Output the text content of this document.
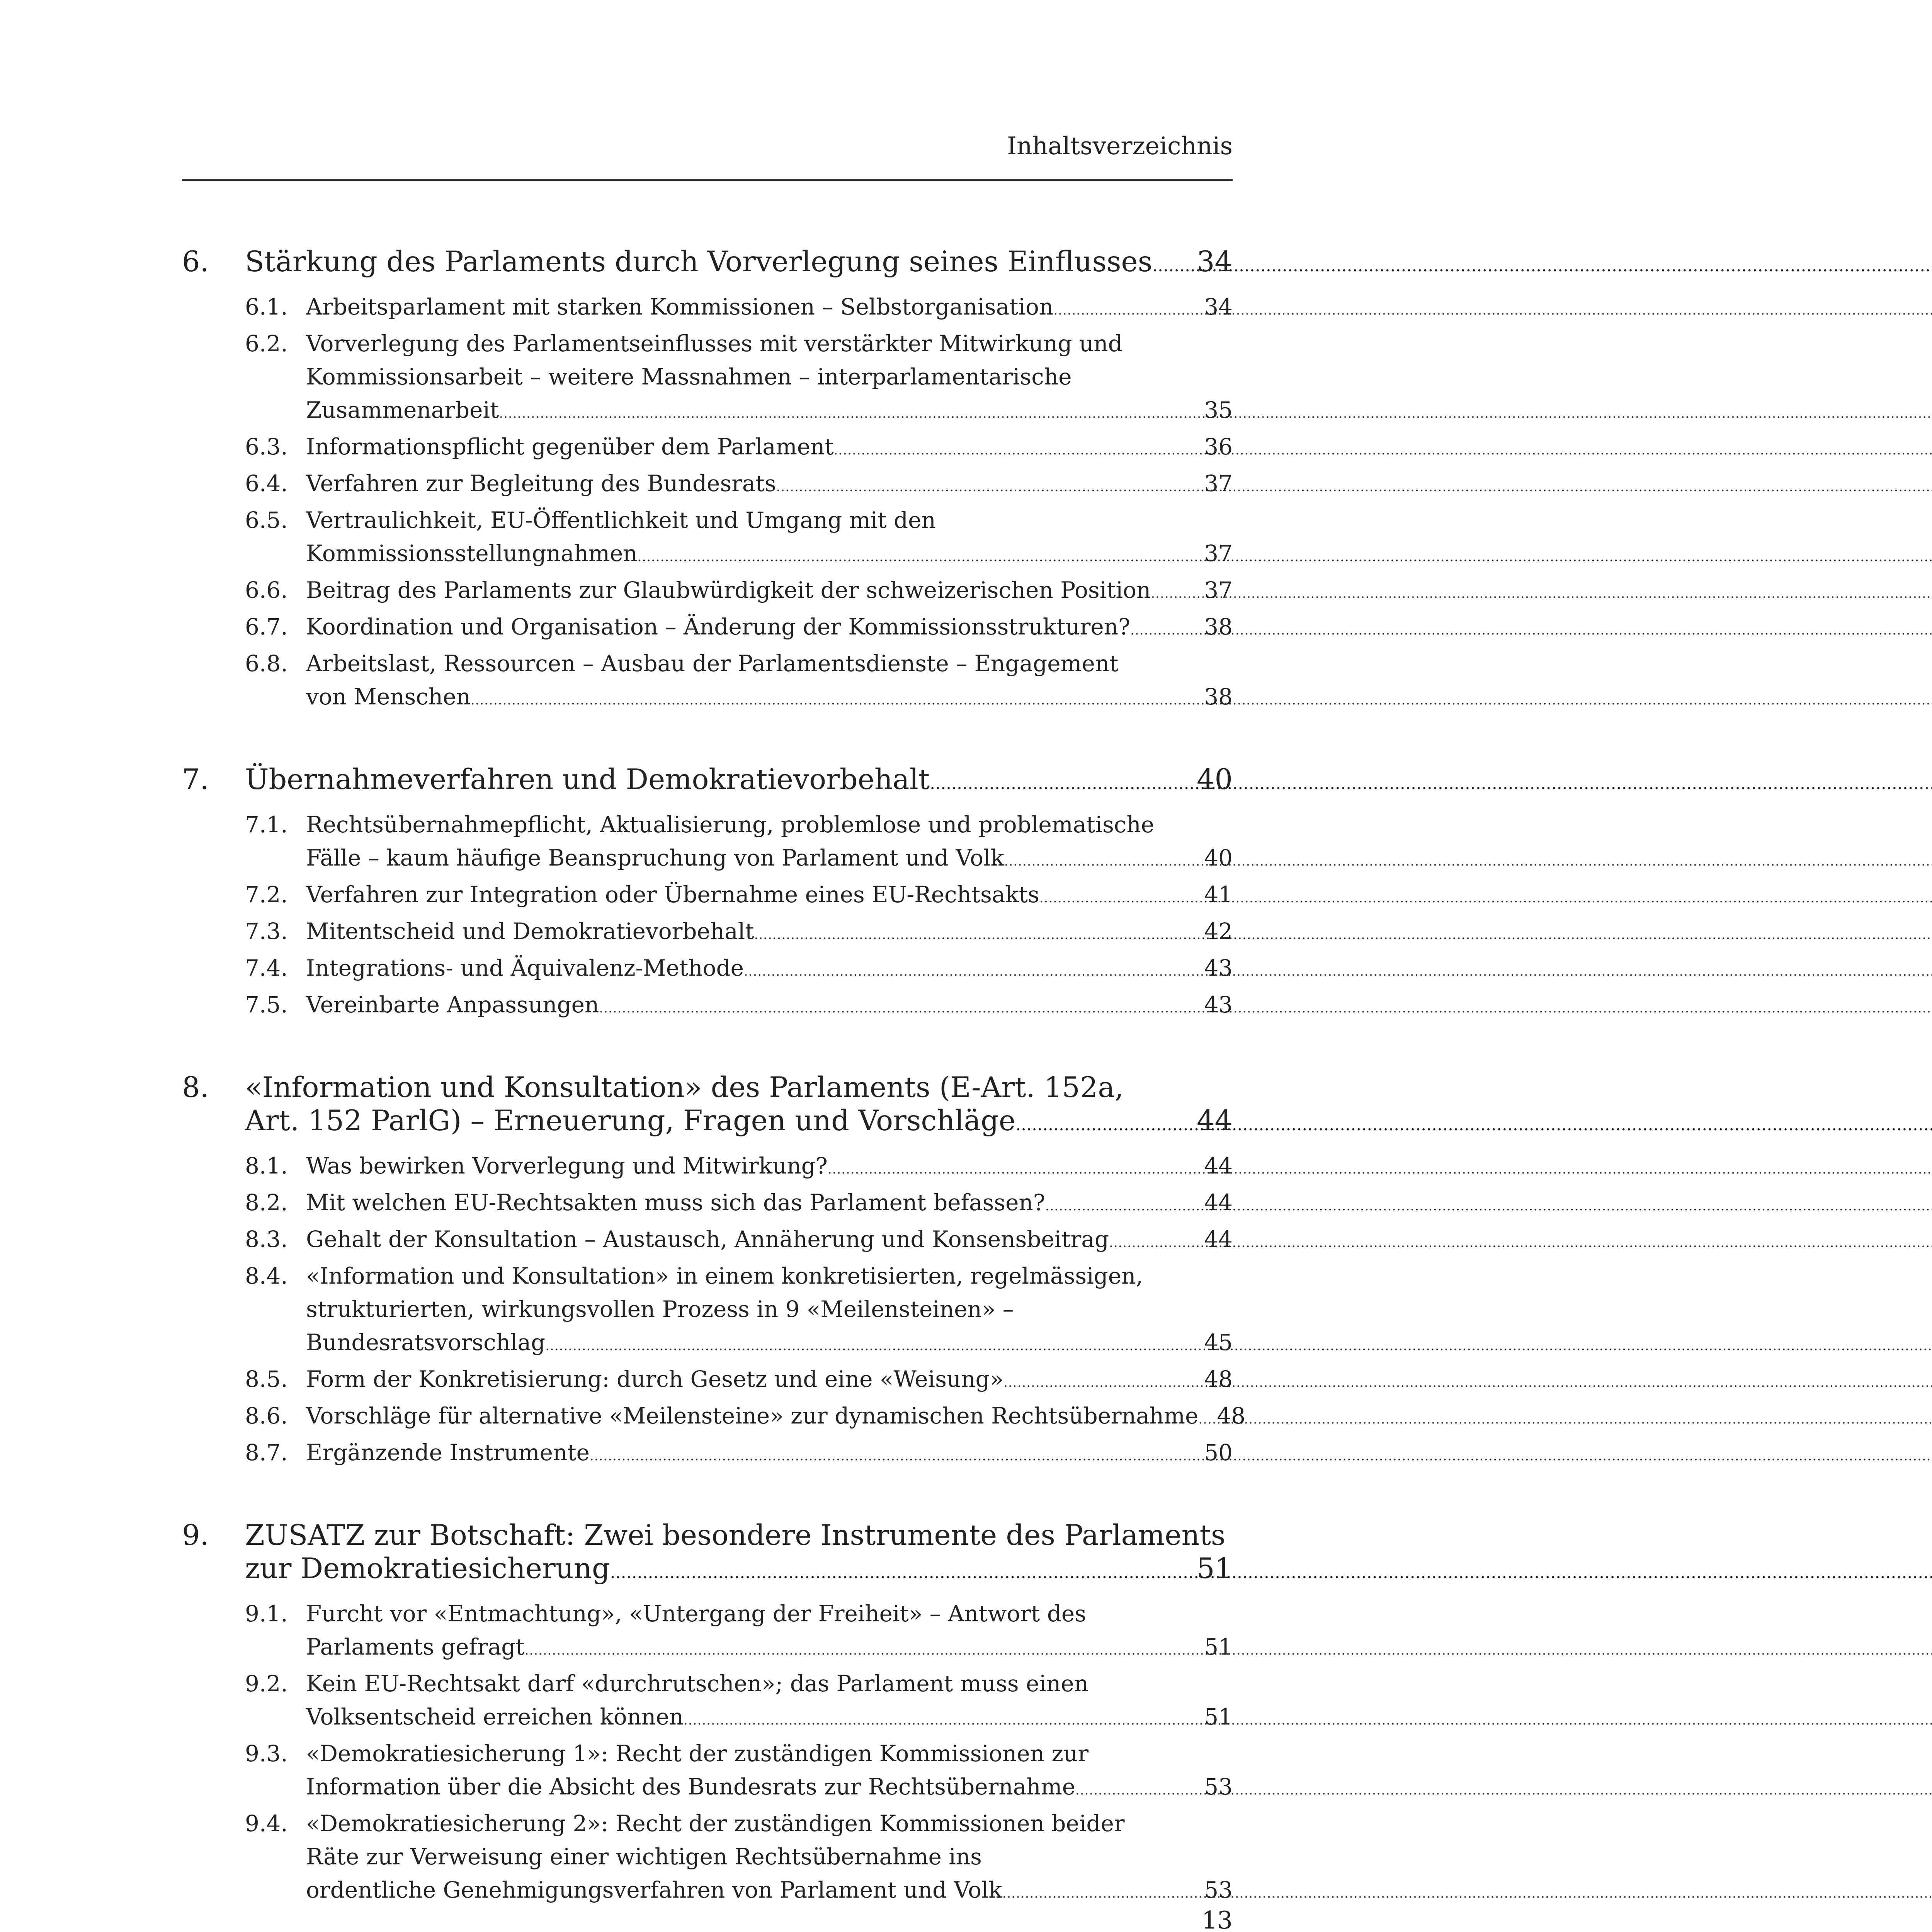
Inhaltsverzeichnis
6. Stärkung des Parlaments durch Vorverlegung seines Einflusses ..... 34
6.1. Arbeitsparlament mit starken Kommissionen – Selbstorganisation .....	34
6.2. Vorverlegung des Parlamentseinflusses mit verstärkter Mitwirkung und
Kommissionsarbeit – weitere Massnahmen – interparlamentarische
Zusammenarbeit .....	35
6.3. Informationspflicht gegenüber dem Parlament .....	36
6.4. Verfahren zur Begleitung des Bundesrats .....	37
6.5. Vertraulichkeit, EU-Öffentlichkeit und Umgang mit den
Kommissionsstellungnahmen .....	37
6.6. Beitrag des Parlaments zur Glaubwürdigkeit der schweizerischen Position ..... 37
6.7. Koordination und Organisation – Änderung der Kommissionsstrukturen? .....	38
6.8. Arbeitslast, Ressourcen – Ausbau der Parlamentsdienste – Engagement
von Menschen .....	38
7. Übernahmeverfahren und Demokratievorbehalt .....	40
7.1. Rechtsübernahmepflicht, Aktualisierung, problemlose und problematische
Fälle – kaum häufige Beanspruchung von Parlament und Volk .....	40
7.2. Verfahren zur Integration oder Übernahme eines EU-Rechtsakts .....	41
7.3. Mitentscheid und Demokratievorbehalt .....	42
7.4. Integrations- und Äquivalenz-Methode .....	43
7.5. Vereinbarte Anpassungen .....	43
8. «Information und Konsultation» des Parlaments (E-Art. 152a,
Art. 152 ParlG) – Erneuerung, Fragen und Vorschläge .....	44
8.1. Was bewirken Vorverlegung und Mitwirkung? .....	44
8.2. Mit welchen EU-Rechtsakten muss sich das Parlament befassen? .....	44
8.3. Gehalt der Konsultation – Austausch, Annäherung und Konsensbeitrag .....	44
8.4. «Information und Konsultation» in einem konkretisierten, regelmässigen,
strukturierten, wirkungsvollen Prozess in 9 «Meilensteinen» –
Bundesratsvorschlag .....	45
8.5. Form der Konkretisierung: durch Gesetz und eine «Weisung» .....	48
8.6. Vorschläge für alternative «Meilensteine» zur dynamischen Rechtsübernahme ..... 48
8.7. Ergänzende Instrumente .....	50
9. ZUSATZ zur Botschaft: Zwei besondere Instrumente des Parlaments
zur Demokratiesicherung .....	51
9.1. Furcht vor «Entmachtung», «Untergang der Freiheit» – Antwort des
Parlaments gefragt .....	51
9.2. Kein EU-Rechtsakt darf «durchrutschen»; das Parlament muss einen
Volksentscheid erreichen können .....	51
9.3. «Demokratiesicherung 1»: Recht der zuständigen Kommissionen zur
Information über die Absicht des Bundesrats zur Rechtsübernahme .....	53
9.4. «Demokratiesicherung 2»: Recht der zuständigen Kommissionen beider
Räte zur Verweisung einer wichtigen Rechtsübernahme ins
ordentliche Genehmigungsverfahren von Parlament und Volk .....	53
13
